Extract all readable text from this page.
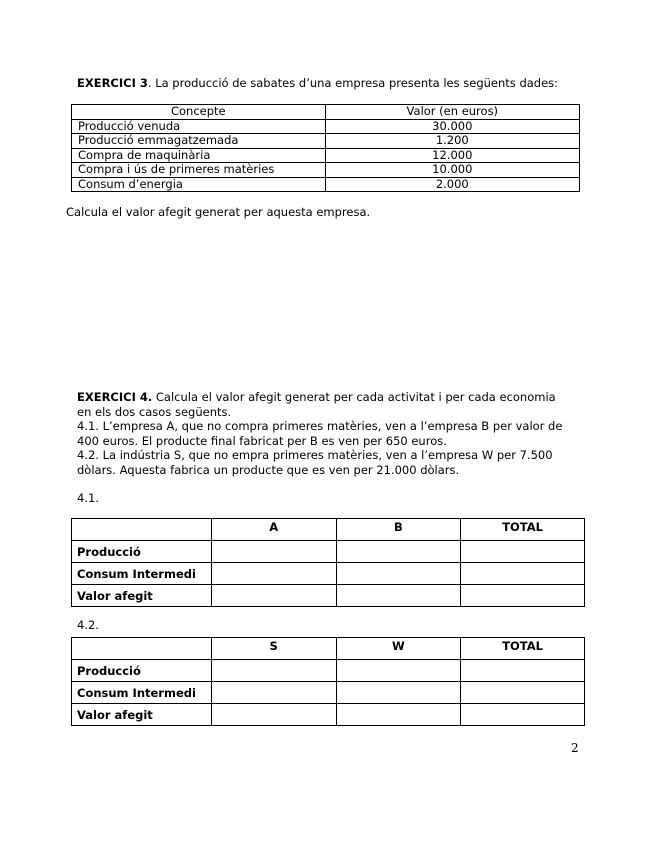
EXERCICI 3. La producció de sabates d’una empresa presenta les següents dades:
Concepte	Valor (en euros)
Producció venuda	30.000
Producció emmagatzemada	1.200
Compra de maquinària	12.000
Compra i ús de primeres matèries	10.000
Consum d’energia	2.000
Calcula el valor afegit generat per aquesta empresa.
EXERCICI 4. Calcula el valor afegit generat per cada activitat i per cada economia
en els dos casos següents.
4.1. L’empresa A, que no compra primeres matèries, ven a l’empresa B per valor de
400 euros. El producte final fabricat per B es ven per 650 euros.
4.2. La indústria S, que no empra primeres matèries, ven a l’empresa W per 7.500
dòlars. Aquesta fabrica un producte que es ven per 21.000 dòlars.
4.1.
	A	B	TOTAL
Producció			
Consum Intermedi			
Valor afegit			
4.2.
	S	W	TOTAL
Producció			
Consum Intermedi			
Valor afegit			
2
